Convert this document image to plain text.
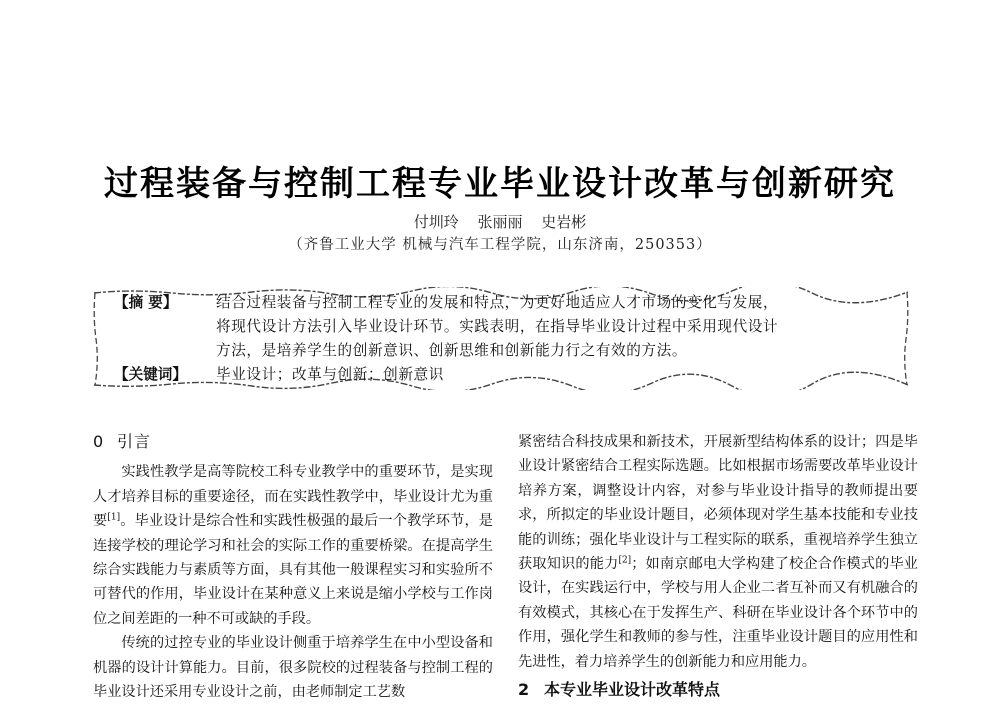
过程装备与控制工程专业毕业设计改革与创新研究
付圳玲 张丽丽 史岩彬
（齐鲁工业大学 机械与汽车工程学院，山东济南，250353）
【摘 要】	结合过程装备与控制工程专业的发展和特点，为更好地适应人才市场的变化与发展，
将现代设计方法引入毕业设计环节。实践表明，在指导毕业设计过程中采用现代设计
方法，是培养学生的创新意识、创新思维和创新能力行之有效的方法。
【关键词】	毕业设计；改革与创新；创新意识
0 引言

实践性教学是高等院校工科专业教学中的重要环节，是实现人才培养目标的重要途径，而在实践性教学中，毕业设计尤为重要[1]。毕业设计是综合性和实践性极强的最后一个教学环节，是连接学校的理论学习和社会的实际工作的重要桥梁。在提高学生综合实践能力与素质等方面，具有其他一般课程实习和实验所不可替代的作用，毕业设计在某种意义上来说是缩小学校与工作岗位之间差距的一种不可或缺的手段。

传统的过控专业的毕业设计侧重于培养学生在中小型设备和机器的设计计算能力。目前，很多院校的过程装备与控制工程的毕业设计还采用专业设计之前，由老师制定工艺数

紧密结合科技成果和新技术，开展新型结构体系的设计；四是毕业设计紧密结合工程实际选题。比如根据市场需要改革毕业设计培养方案，调整设计内容，对参与毕业设计指导的教师提出要求，所拟定的毕业设计题目，必须体现对学生基本技能和专业技能的训练；强化毕业设计与工程实际的联系，重视培养学生独立获取知识的能力[2]；如南京邮电大学构建了校企合作模式的毕业设计，在实践运行中，学校与用人企业二者互补而又有机融合的有效模式，其核心在于发挥生产、科研在毕业设计各个环节中的作用，强化学生和教师的参与性，注重毕业设计题目的应用性和先进性，着力培养学生的创新能力和应用能力。

2 本专业毕业设计改革特点
